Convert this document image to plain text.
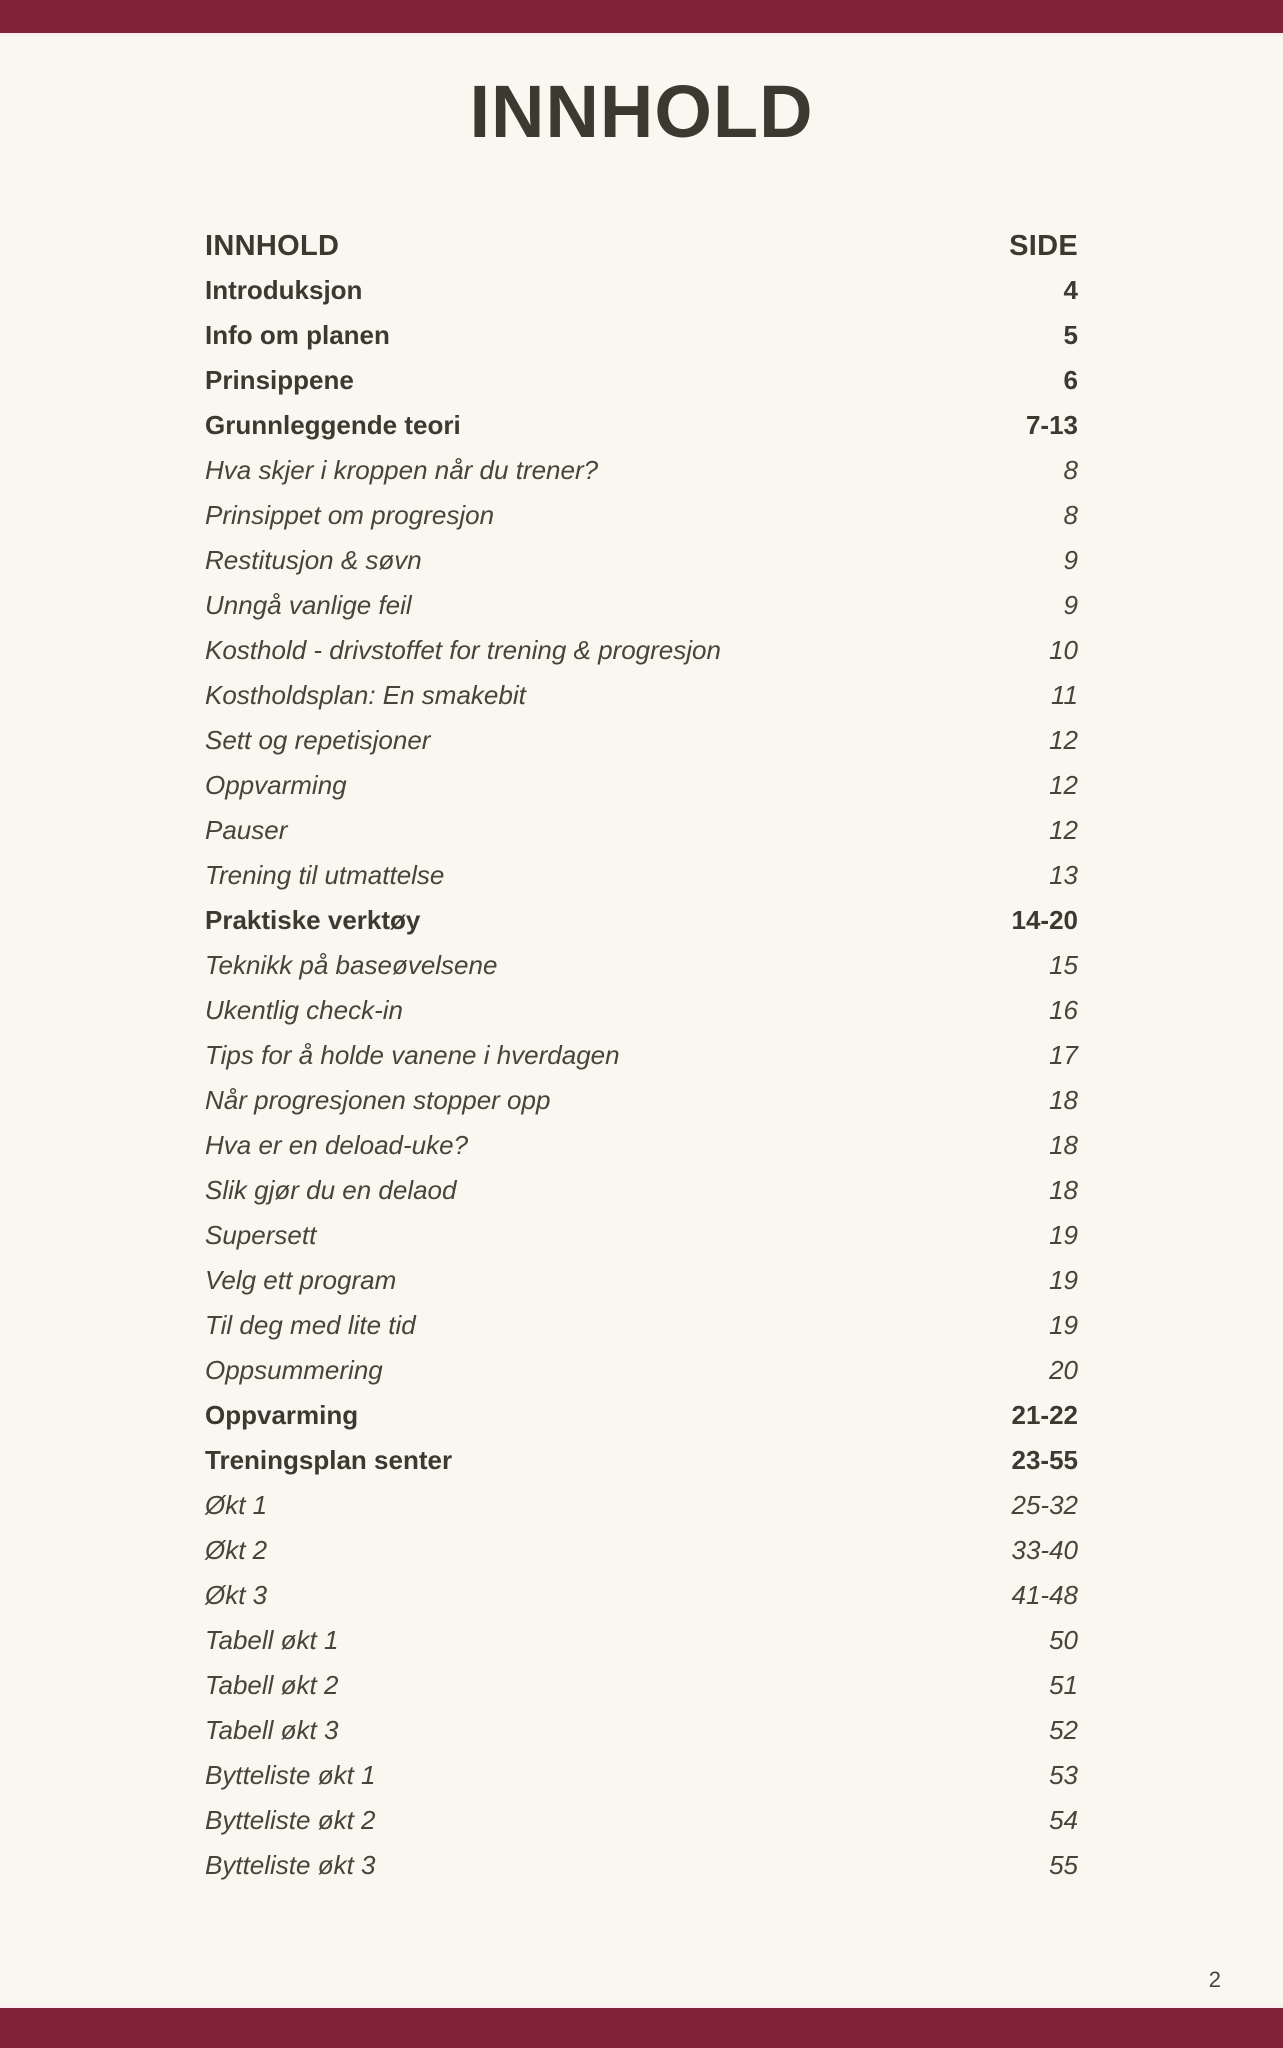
INNHOLD
INNHOLD	SIDE
Introduksjon	4
Info om planen	5
Prinsippene	6
Grunnleggende teori	7-13
Hva skjer i kroppen når du trener?	8
Prinsippet om progresjon	8
Restitusjon & søvn	9
Unngå vanlige feil	9
Kosthold - drivstoffet for trening & progresjon	10
Kostholdsplan: En smakebit	11
Sett og repetisjoner	12
Oppvarming	12
Pauser	12
Trening til utmattelse	13
Praktiske verktøy	14-20
Teknikk på baseøvelsene	15
Ukentlig check-in	16
Tips for å holde vanene i hverdagen	17
Når progresjonen stopper opp	18
Hva er en deload-uke?	18
Slik gjør du en delaod	18
Supersett	19
Velg ett program	19
Til deg med lite tid	19
Oppsummering	20
Oppvarming	21-22
Treningsplan senter	23-55
Økt 1	25-32
Økt 2	33-40
Økt 3	41-48
Tabell økt 1	50
Tabell økt 2	51
Tabell økt 3	52
Bytteliste økt 1	53
Bytteliste økt 2	54
Bytteliste økt 3	55
2
